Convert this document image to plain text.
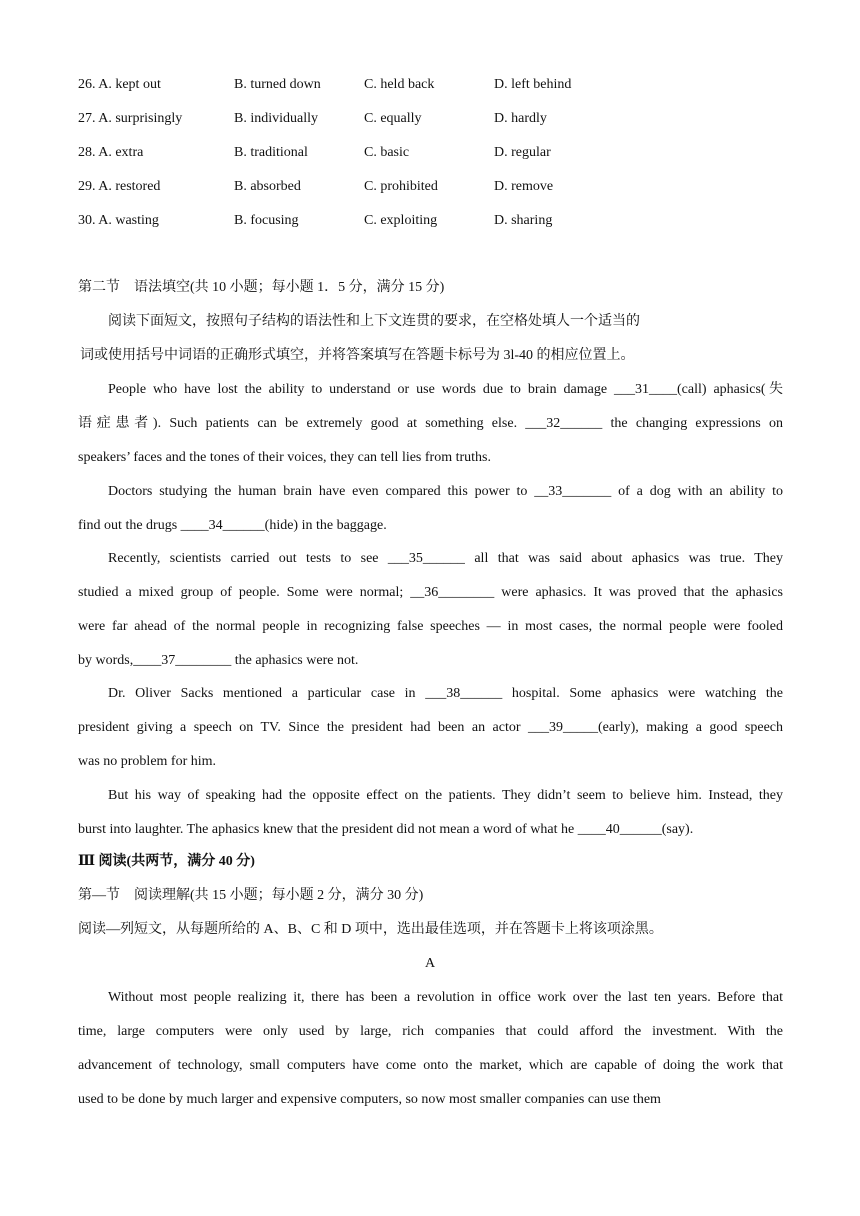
26. A. kept out	B. turned down	C. held back	D. left behind
27. A. surprisingly	B. individually	C. equally	D. hardly
28. A. extra	B. traditional	C. basic	D. regular
29. A. restored	B. absorbed	C. prohibited	D. remove
30. A. wasting	B. focusing	C. exploiting	D. sharing
第二节　语法填空(共 10 小题；每小题 1．5 分，满分 15 分)
阅读下面短文，按照句子结构的语法性和上下文连贯的要求，在空格处填人一个适当的
词或使用括号中词语的正确形式填空，并将答案填写在答题卡标号为 3l-40 的相应位置上。
People who have lost the ability to understand or use words due to brain damage ___31____(call) aphasics(失
语症患者). Such patients can be extremely good at something else. ___32______ the changing expressions on
speakers’ faces and the tones of their voices, they can tell lies from truths.
Doctors studying the human brain have even compared this power to __33_______ of a dog with an ability to
find out the drugs ____34______(hide) in the baggage.
Recently, scientists carried out tests to see ___35______ all that was said about aphasics was true. They
studied a mixed group of people. Some were normal; __36________ were aphasics. It was proved that the aphasics
were far ahead of the normal people in recognizing false speeches — in most cases, the normal people were fooled
by words,____37________ the aphasics were not.
Dr. Oliver Sacks mentioned a particular case in ___38______ hospital. Some aphasics were watching the
president giving a speech on TV. Since the president had been an actor ___39_____(early), making a good speech
was no problem for him.
But his way of speaking had the opposite effect on the patients. They didn’t seem to believe him. Instead, they
burst into laughter. The aphasics knew that the president did not mean a word of what he ____40______(say).
Ⅲ 阅读(共两节，满分 40 分)
第—节　阅读理解(共 15 小题；每小题 2 分，满分 30 分)
阅读—列短文，从每题所给的 A、B、C 和 D 项中，选出最佳选项，并在答题卡上将该项涂黑。
A
Without most people realizing it, there has been a revolution in office work over the last ten years. Before that
time, large computers were only used by large, rich companies that could afford the investment. With the
advancement of technology, small computers have come onto the market, which are capable of doing the work that
used to be done by much larger and expensive computers, so now most smaller companies can use them
